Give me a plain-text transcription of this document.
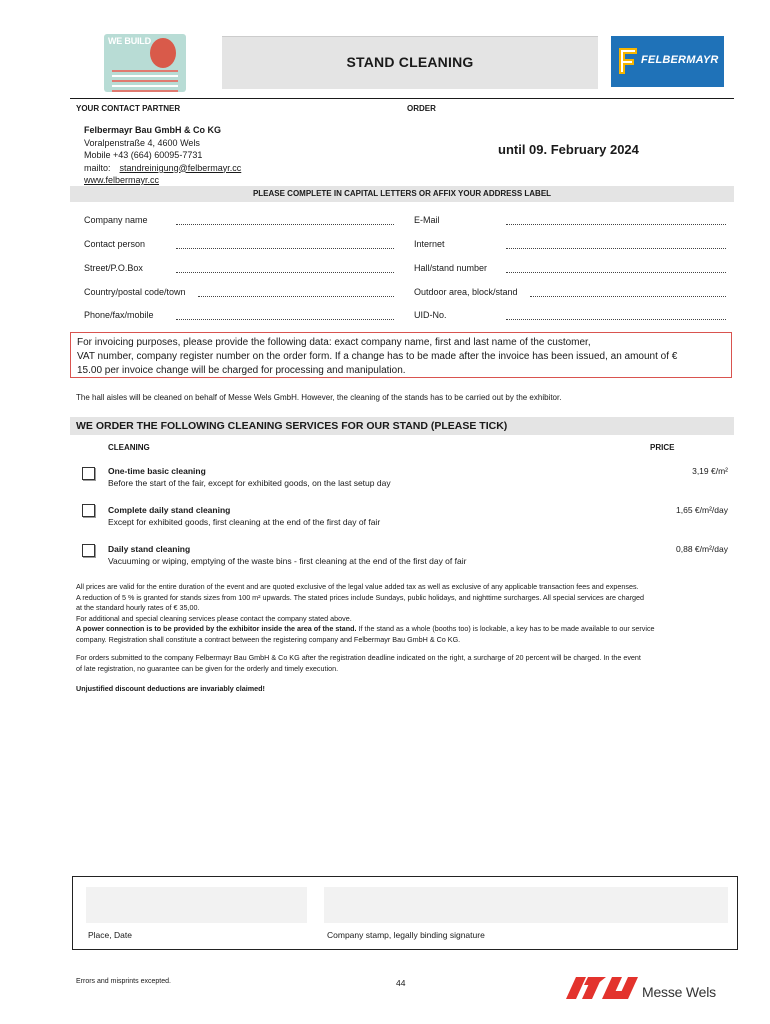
WE BUILD
STAND CLEANING	FELBERMAYR
YOUR CONTACT PARTNER	ORDER
Felbermayr Bau GmbH & Co KG
Voralpenstraße 4, 4600 Wels
Mobile +43 (664) 60095-7731
mailto: standreinigung@felbermayr.cc
www.felbermayr.cc
until 09. February 2024
PLEASE COMPLETE IN CAPITAL LETTERS OR AFFIX YOUR ADDRESS LABEL
Company name	E-Mail
Contact person	Internet
Street/P.O.Box	Hall/stand number
Country/postal code/town	Outdoor area, block/stand
Phone/fax/mobile	UID-No.
For invoicing purposes, please provide the following data: exact company name, first and last name of the customer,
VAT number, company register number on the order form. If a change has to be made after the invoice has been issued, an amount of €
15.00 per invoice change will be charged for processing and manipulation.
The hall aisles will be cleaned on behalf of Messe Wels GmbH. However, the cleaning of the stands has to be carried out by the exhibitor.
WE ORDER THE FOLLOWING CLEANING SERVICES FOR OUR STAND (PLEASE TICK)
CLEANING	PRICE
One-time basic cleaning
Before the start of the fair, except for exhibited goods, on the last setup day
3,19 €/m²
Complete daily stand cleaning
Except for exhibited goods, first cleaning at the end of the first day of fair
1,65 €/m²/day
Daily stand cleaning
Vacuuming or wiping, emptying of the waste bins - first cleaning at the end of the first day of fair
0,88 €/m²/day

All prices are valid for the entire duration of the event and are quoted exclusive of the legal value added tax as well as exclusive of any applicable transaction fees and expenses.
A reduction of 5 % is granted for stands sizes from 100 m² upwards. The stated prices include Sundays, public holidays, and nighttime surcharges. All special services are charged
at the standard hourly rates of € 35,00.

For additional and special cleaning services please contact the company stated above.

A power connection is to be provided by the exhibitor inside the area of the stand. If the stand as a whole (booths too) is lockable, a key has to be made available to our service
company. Registration shall constitute a contract between the registering company and Felbermayr Bau GmbH & Co KG.

For orders submitted to the company Felbermayr Bau GmbH & Co KG after the registration deadline indicated on the right, a surcharge of 20 percent will be charged. In the event
of late registration, no guarantee can be given for the orderly and timely execution.

Unjustified discount deductions are invariably claimed!

Place, Date	Company stamp, legally binding signature
Errors and misprints excepted.	44
Messe Wels
